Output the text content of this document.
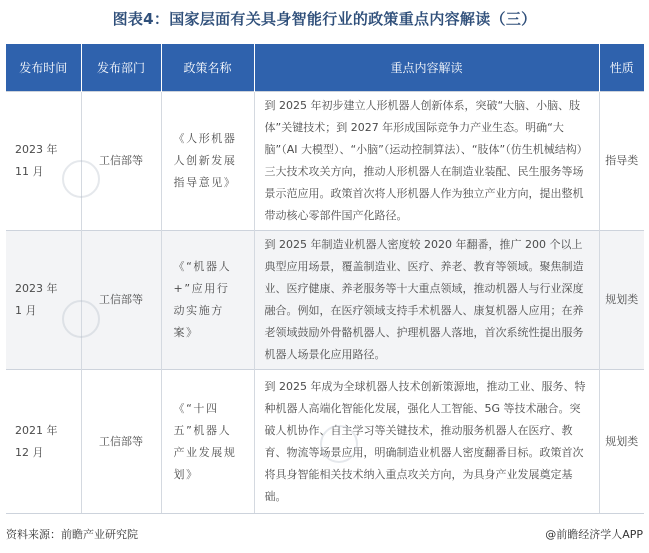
图表4：国家层面有关具身智能行业的政策重点内容解读（三）
发布时间	发布部门	政策名称	重点内容解读	性质
2023 年 11 月	工信部等	《人形机器人创新发展指导意见》	到 2025 年初步建立人形机器人创新体系，突破“大脑、小脑、肢体”关键技术；到 2027 年形成国际竞争力产业生态。明确“大脑”（AI 大模型）、“小脑”（运动控制算法）、“肢体”（仿生机械结构）三大技术攻关方向，推动人形机器人在制造业装配、民生服务等场景示范应用。政策首次将人形机器人作为独立产业方向，提出整机带动核心零部件国产化路径。	指导类
2023 年 1 月	工信部等	《“机器人+”应用行动实施方案》	到 2025 年制造业机器人密度较 2020 年翻番，推广 200 个以上典型应用场景，覆盖制造业、医疗、养老、教育等领域。聚焦制造业、医疗健康、养老服务等十大重点领域，推动机器人与行业深度融合。例如，在医疗领域支持手术机器人、康复机器人应用；在养老领域鼓励外骨骼机器人、护理机器人落地，首次系统性提出服务机器人场景化应用路径。	规划类
2021 年 12 月	工信部等	《“十四五”机器人产业发展规划》	到 2025 年成为全球机器人技术创新策源地，推动工业、服务、特种机器人高端化智能化发展，强化人工智能、5G 等技术融合。突破人机协作、自主学习等关键技术，推动服务机器人在医疗、教育、物流等场景应用，明确制造业机器人密度翻番目标。政策首次将具身智能相关技术纳入重点攻关方向，为具身产业发展奠定基础。	规划类
资料来源：前瞻产业研究院	@前瞻经济学人APP
